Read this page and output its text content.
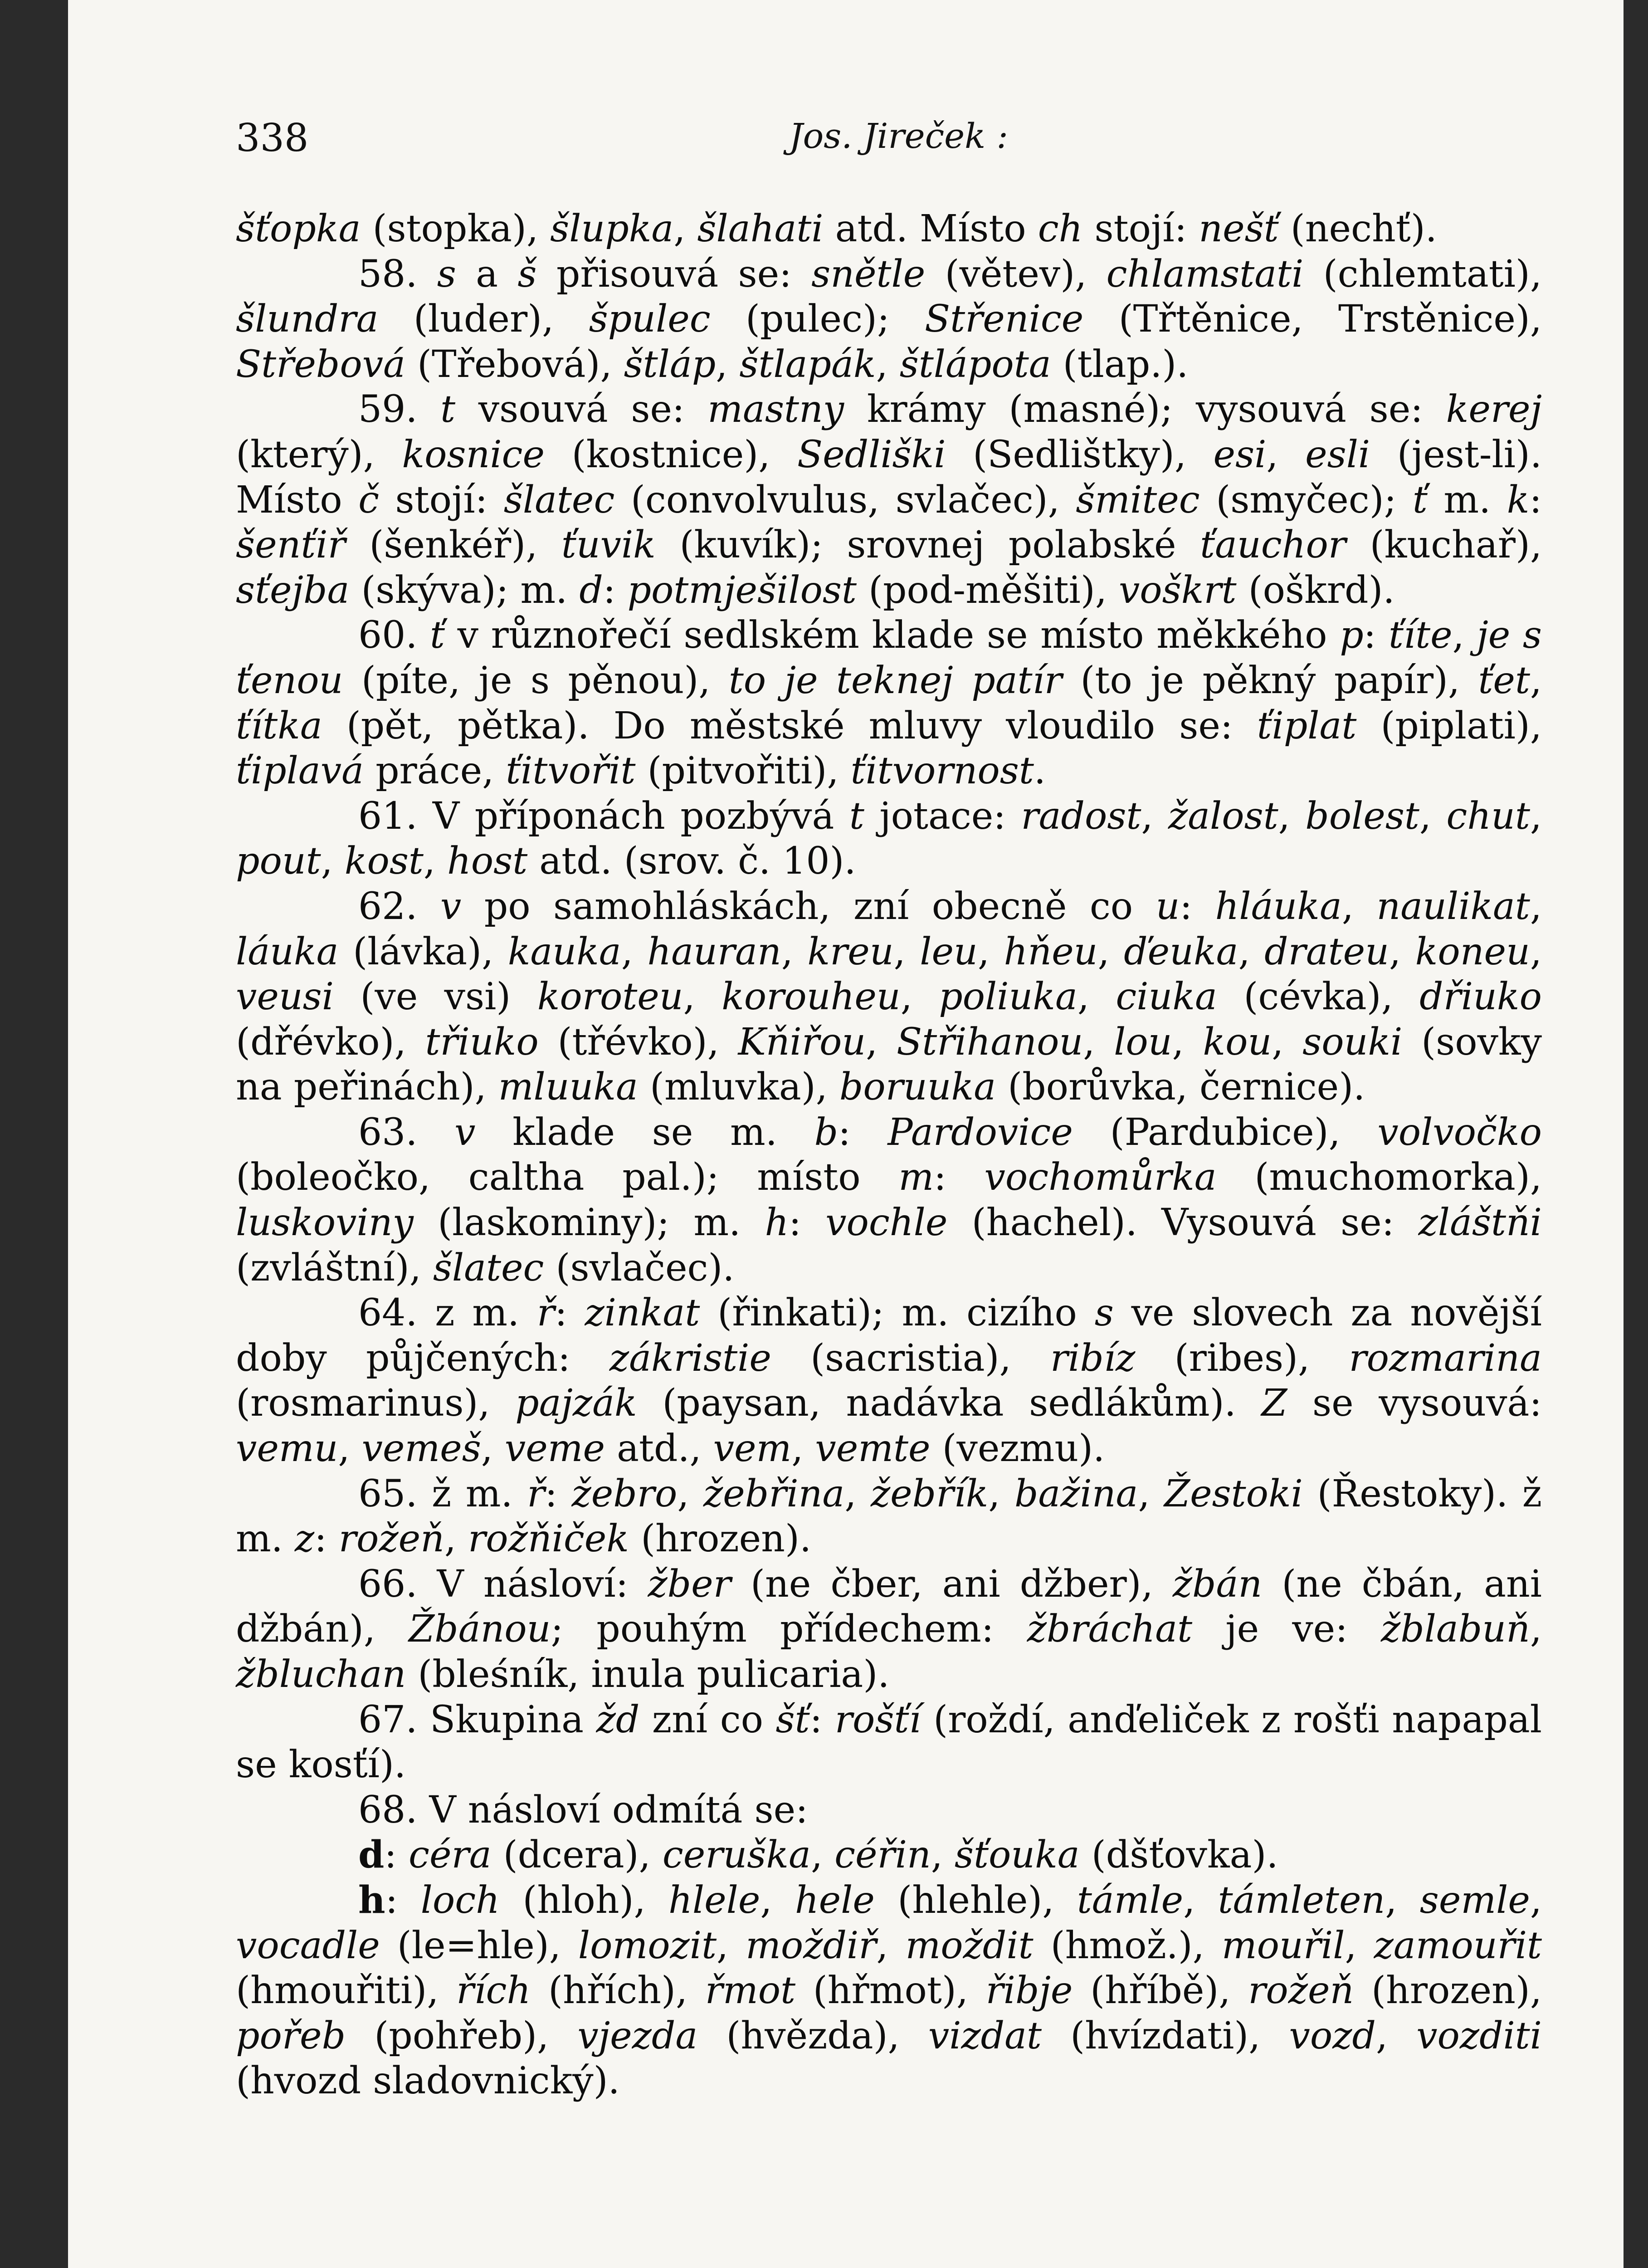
338	Jos. Jireček :

šťopka (stopka), šlupka, šlahati atd. Místo ch stojí: nešť (nechť).

58. s a š přisouvá se: snětle (větev), chlamstati (chlemtati), šlundra (luder), špulec (pulec); Střenice (Třtěnice, Trstěnice), Střebová (Třebová), štláp, štlapák, štlápota (tlap.).

59. t vsouvá se: mastny krámy (masné); vysouvá se: kerej (který), kosnice (kostnice), Sedliški (Sedlištky), esi, esli (jest-li). Místo č stojí: šlatec (convolvulus, svlačec), šmitec (smyčec); ť m. k: šenťiř (šenkéř), ťuvik (kuvík); srovnej polabské ťauchor (kuchař), sťejba (skýva); m. d: potmješilost (pod-měšiti), voškrt (oškrd).

60. ť v různořečí sedlském klade se místo měkkého p: ťíte, je s ťenou (píte, je s pěnou), to je teknej patír (to je pěkný papír), ťet, ťítka (pět, pětka). Do městské mluvy vloudilo se: ťiplat (piplati), ťiplavá práce, ťitvořit (pitvořiti), ťitvornost.

61. V příponách pozbývá t jotace: radost, žalost, bolest, chut, pout, kost, host atd. (srov. č. 10).

62. v po samohláskách, zní obecně co u: hláuka, naulikat, láuka (lávka), kauka, hauran, kreu, leu, hňeu, ďeuka, drateu, koneu, veusi (ve vsi) koroteu, korouheu, poliuka, ciuka (cévka), dřiuko (dřévko), třiuko (třévko), Kňiřou, Střihanou, lou, kou, souki (sovky na peřinách), mluuka (mluvka), boruuka (borůvka, černice).

63. v klade se m. b: Pardovice (Pardubice), volvočko (boleočko, caltha pal.); místo m: vochomůrka (muchomorka), luskoviny (laskominy); m. h: vochle (hachel). Vysouvá se: zláštňi (zvláštní), šlatec (svlačec).

64. z m. ř: zinkat (řinkati); m. cizího s ve slovech za novější doby půjčených: zákristie (sacristia), ribíz (ribes), rozmarina (rosmarinus), pajzák (paysan, nadávka sedlákům). Z se vysouvá: vemu, vemeš, veme atd., vem, vemte (vezmu).

65. ž m. ř: žebro, žebřina, žebřík, bažina, Žestoki (Řestoky). ž m. z: rožeň, rožňiček (hrozen).

66. V násloví: žber (ne čber, ani džber), žbán (ne čbán, ani džbán), Žbánou; pouhým přídechem: žbráchat je ve: žblabuň, žbluchan (bleśník, inula pulicaria).

67. Skupina žd zní co šť: rošťí (roždí, anďeliček z rošťi napapal se kosťí).

68. V násloví odmítá se:

d: céra (dcera), ceruška, céřin, šťouka (dšťovka).

h: loch (hloh), hlele, hele (hlehle), támle, támleten, semle, vocadle (le=hle), lomozit, moždiř, moždit (hmož.), mouřil, zamouřit (hmouřiti), řích (hřích), řmot (hřmot), řibje (hříbě), rožeň (hrozen), pořeb (pohřeb), vjezda (hvězda), vizdat (hvízdati), vozd, vozditi (hvozd sladovnický).
